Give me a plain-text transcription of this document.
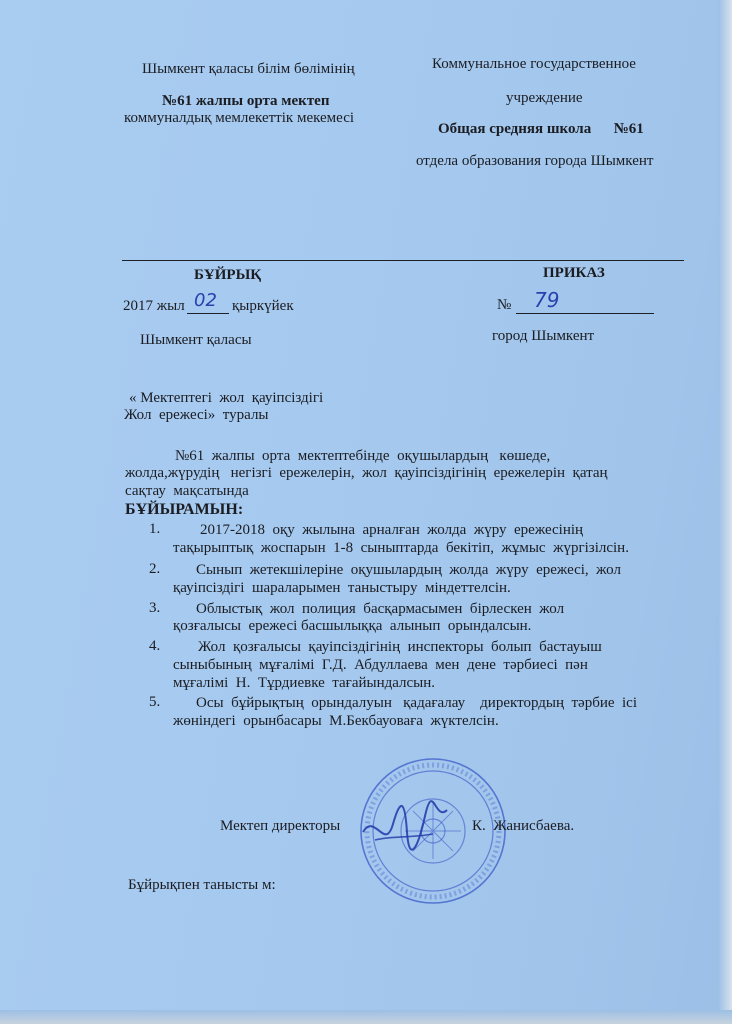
Шымкент қаласы білім бөлімінің
№61 жалпы орта мектеп
коммуналдық мемлекеттік мекемесі
Коммунальное государственное
учреждение
Общая средняя школа      №61
отдела образования города Шымкент
БҰЙРЫҚ	ПРИКАЗ
2017 жыл 02 қыркүйек	№ 79
Шымкент қаласы	город Шымкент
« Мектептегі  жол  қауіпсіздігі
Жол  ережесі»  туралы
№61  жалпы  орта  мектептебінде  оқушылардың   көшеде,
жолда,жүрудің   негізгі  ережелерін,  жол  қауіпсіздігінің  ережелерін  қатаң
сақтау  мақсатында
БҰЙЫРАМЫН:
1.	2017-2018  оқу  жылына  арналған  жолда  жүру  ережесінің
тақырыптық  жоспарын  1-8  сыныптарда  бекітіп,  жұмыс  жүргізілсін.
2. Сынып  жетекшілеріне  оқушылардың  жолда  жүру  ережесі,  жол
қауіпсіздігі  шараларымен  таныстыру  міндеттелсін.
3. Облыстық  жол  полиция  басқармасымен  бірлескен  жол
қозғалысы  ережесі басшылыққа  алынып  орындалсын.
4.	Жол  қозғалысы  қауіпсіздігінің  инспекторы  болып  бастауыш
сыныбының  мұғалімі  Г.Д.  Абдуллаева  мен  дене  тәрбиесі  пән
мұғалімі  Н.  Тұрдиевке  тағайындалсын.
5. Осы  бұйрықтың  орындалуын   қадағалау    директордың  тәрбие  ісі
жөніндегі  орынбасары  М.Бекбауоваға  жүктелсін.
Мектеп директоры	К.  Жанисбаева.
Бұйрықпен танысты м:
